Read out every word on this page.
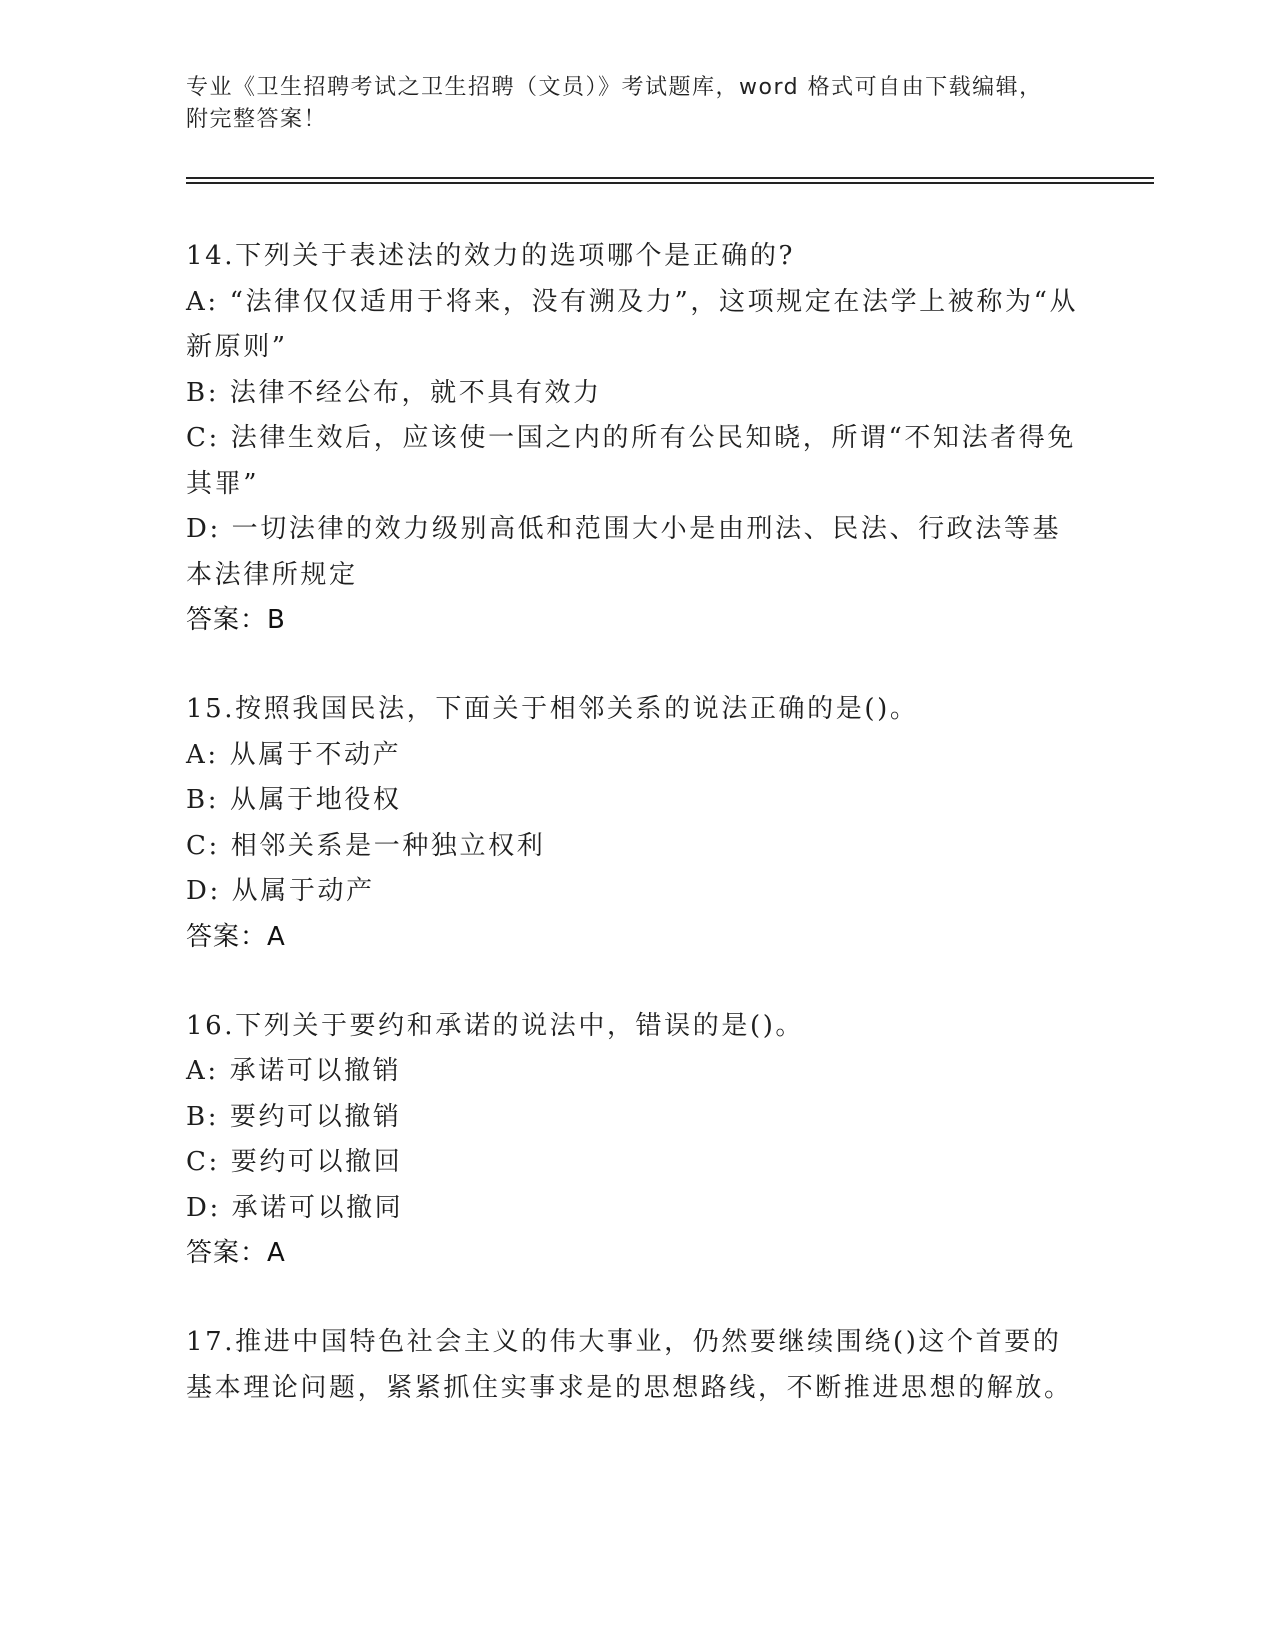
专业《卫生招聘考试之卫生招聘（文员）》考试题库，word 格式可自由下载编辑，附完整答案！
14.下列关于表述法的效力的选项哪个是正确的?
A: “法律仅仅适用于将来，没有溯及力”，这项规定在法学上被称为“从新原则”
B: 法律不经公布，就不具有效力
C: 法律生效后，应该使一国之内的所有公民知晓，所谓“不知法者得免其罪”
D: 一切法律的效力级别高低和范围大小是由刑法、民法、行政法等基本法律所规定
答案：B
15.按照我国民法，下面关于相邻关系的说法正确的是()。
A: 从属于不动产
B: 从属于地役权
C: 相邻关系是一种独立权利
D: 从属于动产
答案：A
16.下列关于要约和承诺的说法中，错误的是()。
A: 承诺可以撤销
B: 要约可以撤销
C: 要约可以撤回
D: 承诺可以撤同
答案：A
17.推进中国特色社会主义的伟大事业，仍然要继续围绕()这个首要的基本理论问题，紧紧抓住实事求是的思想路线，不断推进思想的解放。
